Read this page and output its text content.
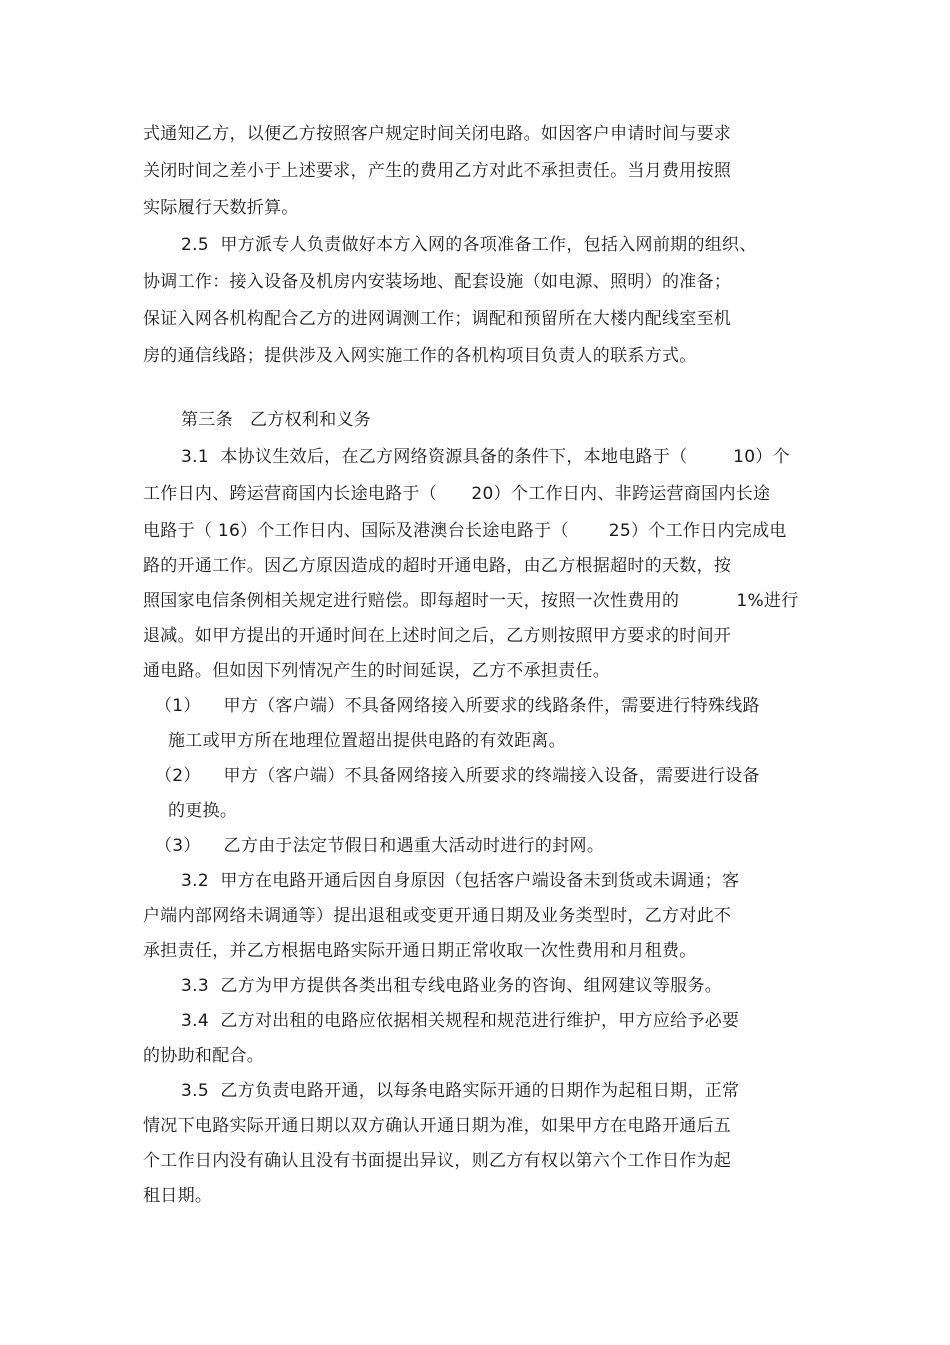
式通知乙方，以便乙方按照客户规定时间关闭电路。如因客户申请时间与要求
关闭时间之差小于上述要求，产生的费用乙方对此不承担责任。当月费用按照
实际履行天数折算。
2.5  甲方派专人负责做好本方入网的各项准备工作，包括入网前期的组织、
协调工作：接入设备及机房内安装场地、配套设施（如电源、照明）的准备；
保证入网各机构配合乙方的进网调测工作；调配和预留所在大楼内配线室至机
房的通信线路；提供涉及入网实施工作的各机构项目负责人的联系方式。
第三条   乙方权利和义务
3.1  本协议生效后，在乙方网络资源具备的条件下，本地电路于（        10）个
工作日内、跨运营商国内长途电路于（      20）个工作日内、非跨运营商国内长途
电路于（ 16）个工作日内、国际及港澳台长途电路于（       25）个工作日内完成电
路的开通工作。因乙方原因造成的超时开通电路，由乙方根据超时的天数，按
照国家电信条例相关规定进行赔偿。即每超时一天，按照一次性费用的          1%进行
退减。如甲方提出的开通时间在上述时间之后，乙方则按照甲方要求的时间开
通电路。但如因下列情况产生的时间延误，乙方不承担责任。
（1）    甲方（客户端）不具备网络接入所要求的线路条件，需要进行特殊线路
施工或甲方所在地理位置超出提供电路的有效距离。
（2）    甲方（客户端）不具备网络接入所要求的终端接入设备，需要进行设备
的更换。
（3）    乙方由于法定节假日和遇重大活动时进行的封网。
3.2  甲方在电路开通后因自身原因（包括客户端设备未到货或未调通；客
户端内部网络未调通等）提出退租或变更开通日期及业务类型时，乙方对此不
承担责任，并乙方根据电路实际开通日期正常收取一次性费用和月租费。
3.3  乙方为甲方提供各类出租专线电路业务的咨询、组网建议等服务。
3.4  乙方对出租的电路应依据相关规程和规范进行维护，甲方应给予必要
的协助和配合。
3.5  乙方负责电路开通，以每条电路实际开通的日期作为起租日期，正常
情况下电路实际开通日期以双方确认开通日期为准，如果甲方在电路开通后五
个工作日内没有确认且没有书面提出异议，则乙方有权以第六个工作日作为起
租日期。
